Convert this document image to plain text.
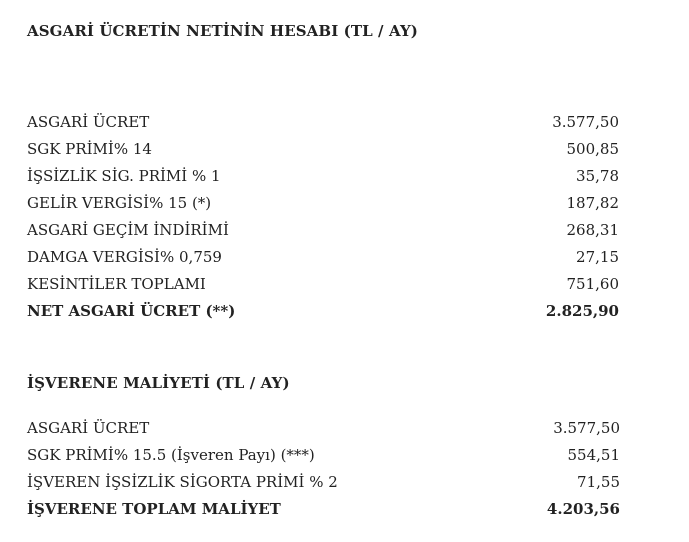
ASGARİ ÜCRETİN NETİNİN HESABI (TL / AY)
ASGARİ ÜCRET	3.577,50
SGK PRİMİ% 14	500,85
İŞSİZLİK SİG. PRİMİ % 1	35,78
GELİR VERGİSİ% 15 (*)	187,82
ASGARİ GEÇİM İNDİRİMİ	268,31
DAMGA VERGİSİ% 0,759	27,15
KESİNTİLER TOPLAMI	751,60
NET ASGARİ ÜCRET (**)	2.825,90
İŞVERENE MALİYETİ (TL / AY)
ASGARİ ÜCRET	3.577,50
SGK PRİMİ% 15.5 (İşveren Payı) (***)	554,51
İŞVEREN İŞSİZLİK SİGORTA PRİMİ % 2	71,55
İŞVERENE TOPLAM MALİYET	4.203,56
